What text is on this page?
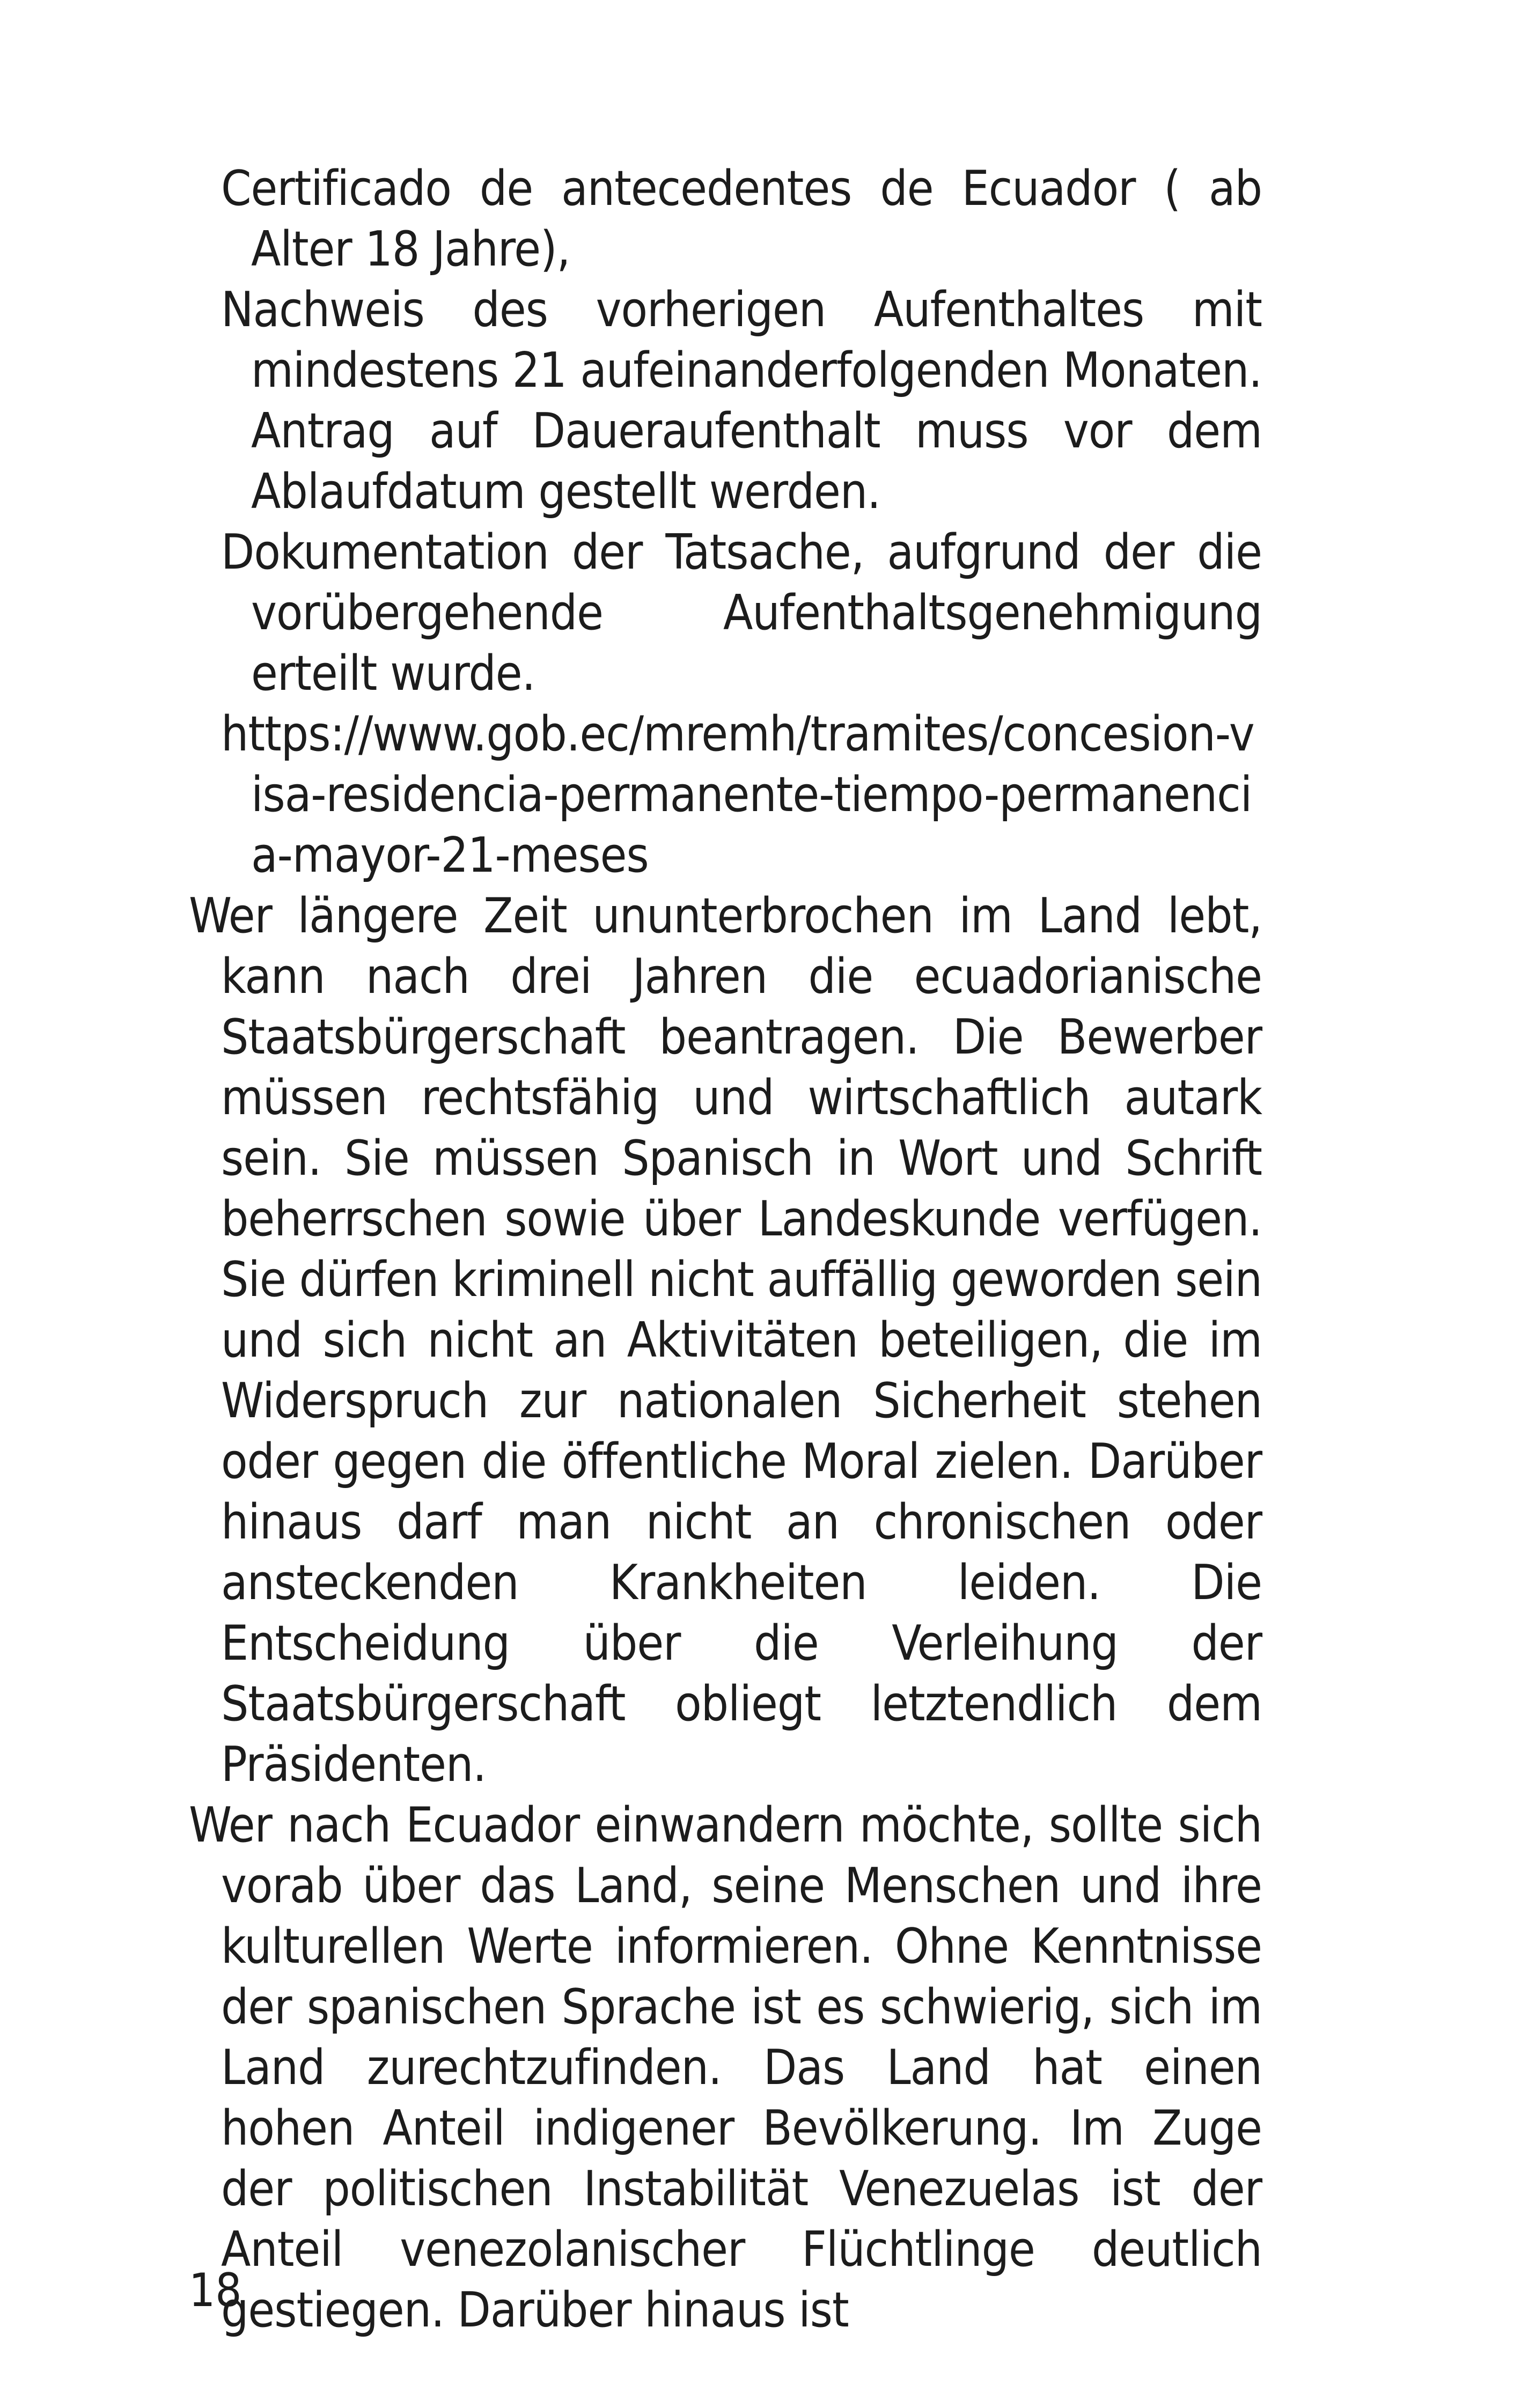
Certificado de antecedentes de Ecuador ( ab Alter 18 Jahre),
Nachweis des vorherigen Aufenthaltes mit mindestens 21 aufeinanderfolgenden Monaten. Antrag auf Daueraufenthalt muss vor dem Ablaufdatum gestellt werden.
Dokumentation der Tatsache, aufgrund der die vorübergehende Aufenthaltsgenehmigung erteilt wurde.
https://www.gob.ec/mremh/tramites/concesion-visa-residencia-permanente-tiempo-permanencia-mayor-21-meses
Wer längere Zeit ununterbrochen im Land lebt, kann nach drei Jahren die ecuadorianische Staatsbürgerschaft beantragen. Die Bewerber müssen rechtsfähig und wirtschaftlich autark sein. Sie müssen Spanisch in Wort und Schrift beherrschen sowie über Landeskunde verfügen. Sie dürfen kriminell nicht auffällig geworden sein und sich nicht an Aktivitäten beteiligen, die im Widerspruch zur nationalen Sicherheit stehen oder gegen die öffentliche Moral zielen. Darüber hinaus darf man nicht an chronischen oder ansteckenden Krankheiten leiden. Die Entscheidung über die Verleihung der Staatsbürgerschaft obliegt letztendlich dem Präsidenten.
Wer nach Ecuador einwandern möchte, sollte sich vorab über das Land, seine Menschen und ihre kulturellen Werte informieren. Ohne Kenntnisse der spanischen Sprache ist es schwierig, sich im Land zurechtzufinden. Das Land hat einen hohen Anteil indigener Bevölkerung. Im Zuge der politischen Instabilität Venezuelas ist der Anteil venezolanischer Flüchtlinge deutlich gestiegen. Darüber hinaus ist
18
